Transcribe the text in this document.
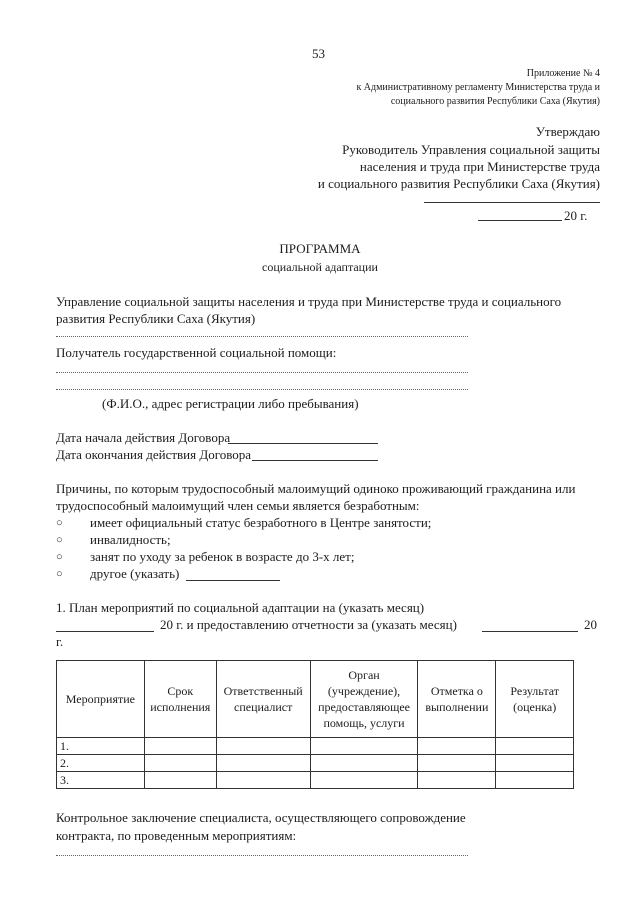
53
Приложение № 4
к Административному регламенту Министерства труда и
социального развития Республики Саха (Якутия)
Утверждаю
Руководитель Управления социальной защиты
населения и труда при Министерстве труда
и социального развития Республики Саха (Якутия)
20 г.
ПРОГРАММА
социальной адаптации
Управление социальной защиты населения и труда при Министерстве труда и социального
развития Республики Саха (Якутия)
Получатель государственной социальной помощи:
(Ф.И.О., адрес регистрации либо пребывания)
Дата начала действия Договора
Дата окончания действия Договора
Причины, по которым трудоспособный малоимущий одиноко проживающий гражданина или
трудоспособный малоимущий член семьи является безработным:
○ имеет официальный статус безработного в Центре занятости;
○ инвалидность;
○ занят по уходу за ребенок в возрасте до 3-х лет;
○ другое (указать)
1. План мероприятий по социальной адаптации на (указать месяц)
20 г. и предоставлению отчетности за (указать месяц)	20
г.
Мероприятие	Срок исполнения	Ответственный специалист	Орган (учреждение), предоставляющее помощь, услуги	Отметка о выполнении	Результат (оценка)
1.					
2.					
3.					
Контрольное заключение специалиста, осуществляющего сопровождение
контракта, по проведенным мероприятиям:
